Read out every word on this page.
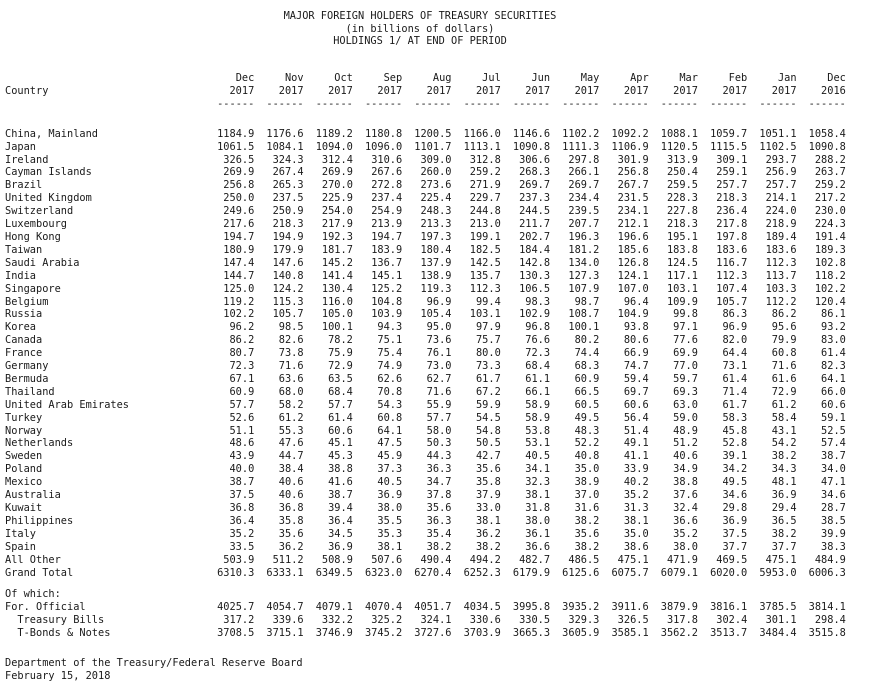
MAJOR FOREIGN HOLDERS OF TREASURY SECURITIES
(in billions of dollars)
HOLDINGS 1/ AT END OF PERIOD
	Dec	Nov	Oct	Sep	Aug	Jul	Jun	May	Apr	Mar	Feb	Jan	Dec
Country	2017	2017	2017	2017	2017	2017	2017	2017	2017	2017	2017	2017	2016
	------	------	------	------	------	------	------	------	------	------	------	------	------

China, Mainland	1184.9	1176.6	1189.2	1180.8	1200.5	1166.0	1146.6	1102.2	1092.2	1088.1	1059.7	1051.1	1058.4
Japan	1061.5	1084.1	1094.0	1096.0	1101.7	1113.1	1090.8	1111.3	1106.9	1120.5	1115.5	1102.5	1090.8
Ireland	326.5	324.3	312.4	310.6	309.0	312.8	306.6	297.8	301.9	313.9	309.1	293.7	288.2
Cayman Islands	269.9	267.4	269.9	267.6	260.0	259.2	268.3	266.1	256.8	250.4	259.1	256.9	263.7
Brazil	256.8	265.3	270.0	272.8	273.6	271.9	269.7	269.7	267.7	259.5	257.7	257.7	259.2
United Kingdom	250.0	237.5	225.9	237.4	225.4	229.7	237.3	234.4	231.5	228.3	218.3	214.1	217.2
Switzerland	249.6	250.9	254.0	254.9	248.3	244.8	244.5	239.5	234.1	227.8	236.4	224.0	230.0
Luxembourg	217.6	218.3	217.9	213.9	213.3	213.0	211.7	207.7	212.1	218.3	217.8	218.9	224.3
Hong Kong	194.7	194.9	192.3	194.7	197.3	199.1	202.7	196.3	196.6	195.1	197.8	189.4	191.4
Taiwan	180.9	179.9	181.7	183.9	180.4	182.5	184.4	181.2	185.6	183.8	183.6	183.6	189.3
Saudi Arabia	147.4	147.6	145.2	136.7	137.9	142.5	142.8	134.0	126.8	124.5	116.7	112.3	102.8
India	144.7	140.8	141.4	145.1	138.9	135.7	130.3	127.3	124.1	117.1	112.3	113.7	118.2
Singapore	125.0	124.2	130.4	125.2	119.3	112.3	106.5	107.9	107.0	103.1	107.4	103.3	102.2
Belgium	119.2	115.3	116.0	104.8	96.9	99.4	98.3	98.7	96.4	109.9	105.7	112.2	120.4
Russia	102.2	105.7	105.0	103.9	105.4	103.1	102.9	108.7	104.9	99.8	86.3	86.2	86.1
Korea	96.2	98.5	100.1	94.3	95.0	97.9	96.8	100.1	93.8	97.1	96.9	95.6	93.2
Canada	86.2	82.6	78.2	75.1	73.6	75.7	76.6	80.2	80.6	77.6	82.0	79.9	83.0
France	80.7	73.8	75.9	75.4	76.1	80.0	72.3	74.4	66.9	69.9	64.4	60.8	61.4
Germany	72.3	71.6	72.9	74.9	73.0	73.3	68.4	68.3	74.7	77.0	73.1	71.6	82.3
Bermuda	67.1	63.6	63.5	62.6	62.7	61.7	61.1	60.9	59.4	59.7	61.4	61.6	64.1
Thailand	60.9	68.0	68.4	70.8	71.6	67.2	66.1	66.5	69.7	69.3	71.4	72.9	66.0
United Arab Emirates	57.7	58.2	57.7	54.3	55.9	59.9	58.9	60.5	60.6	63.0	61.7	61.2	60.6
Turkey	52.6	61.2	61.4	60.8	57.7	54.5	58.9	49.5	56.4	59.0	58.3	58.4	59.1
Norway	51.1	55.3	60.6	64.1	58.0	54.8	53.8	48.3	51.4	48.9	45.8	43.1	52.5
Netherlands	48.6	47.6	45.1	47.5	50.3	50.5	53.1	52.2	49.1	51.2	52.8	54.2	57.4
Sweden	43.9	44.7	45.3	45.9	44.3	42.7	40.5	40.8	41.1	40.6	39.1	38.2	38.7
Poland	40.0	38.4	38.8	37.3	36.3	35.6	34.1	35.0	33.9	34.9	34.2	34.3	34.0
Mexico	38.7	40.6	41.6	40.5	34.7	35.8	32.3	38.9	40.2	38.8	49.5	48.1	47.1
Australia	37.5	40.6	38.7	36.9	37.8	37.9	38.1	37.0	35.2	37.6	34.6	36.9	34.6
Kuwait	36.8	36.8	39.4	38.0	35.6	33.0	31.8	31.6	31.3	32.4	29.8	29.4	28.7
Philippines	36.4	35.8	36.4	35.5	36.3	38.1	38.0	38.2	38.1	36.6	36.9	36.5	38.5
Italy	35.2	35.6	34.5	35.3	35.4	36.2	36.1	35.6	35.0	35.2	37.5	38.2	39.9
Spain	33.5	36.2	36.9	38.1	38.2	38.2	36.6	38.2	38.6	38.0	37.7	37.7	38.3
All Other	503.9	511.2	508.9	507.6	490.4	494.2	482.7	486.5	475.1	471.9	469.5	475.1	484.9
Grand Total	6310.3	6333.1	6349.5	6323.0	6270.4	6252.3	6179.9	6125.6	6075.7	6079.1	6020.0	5953.0	6006.3

Of which:													
For. Official	4025.7	4054.7	4079.1	4070.4	4051.7	4034.5	3995.8	3935.2	3911.6	3879.9	3816.1	3785.5	3814.1
Treasury Bills	317.2	339.6	332.2	325.2	324.1	330.6	330.5	329.3	326.5	317.8	302.4	301.1	298.4
T-Bonds & Notes	3708.5	3715.1	3746.9	3745.2	3727.6	3703.9	3665.3	3605.9	3585.1	3562.2	3513.7	3484.4	3515.8
Department of the Treasury/Federal Reserve Board
February 15, 2018
